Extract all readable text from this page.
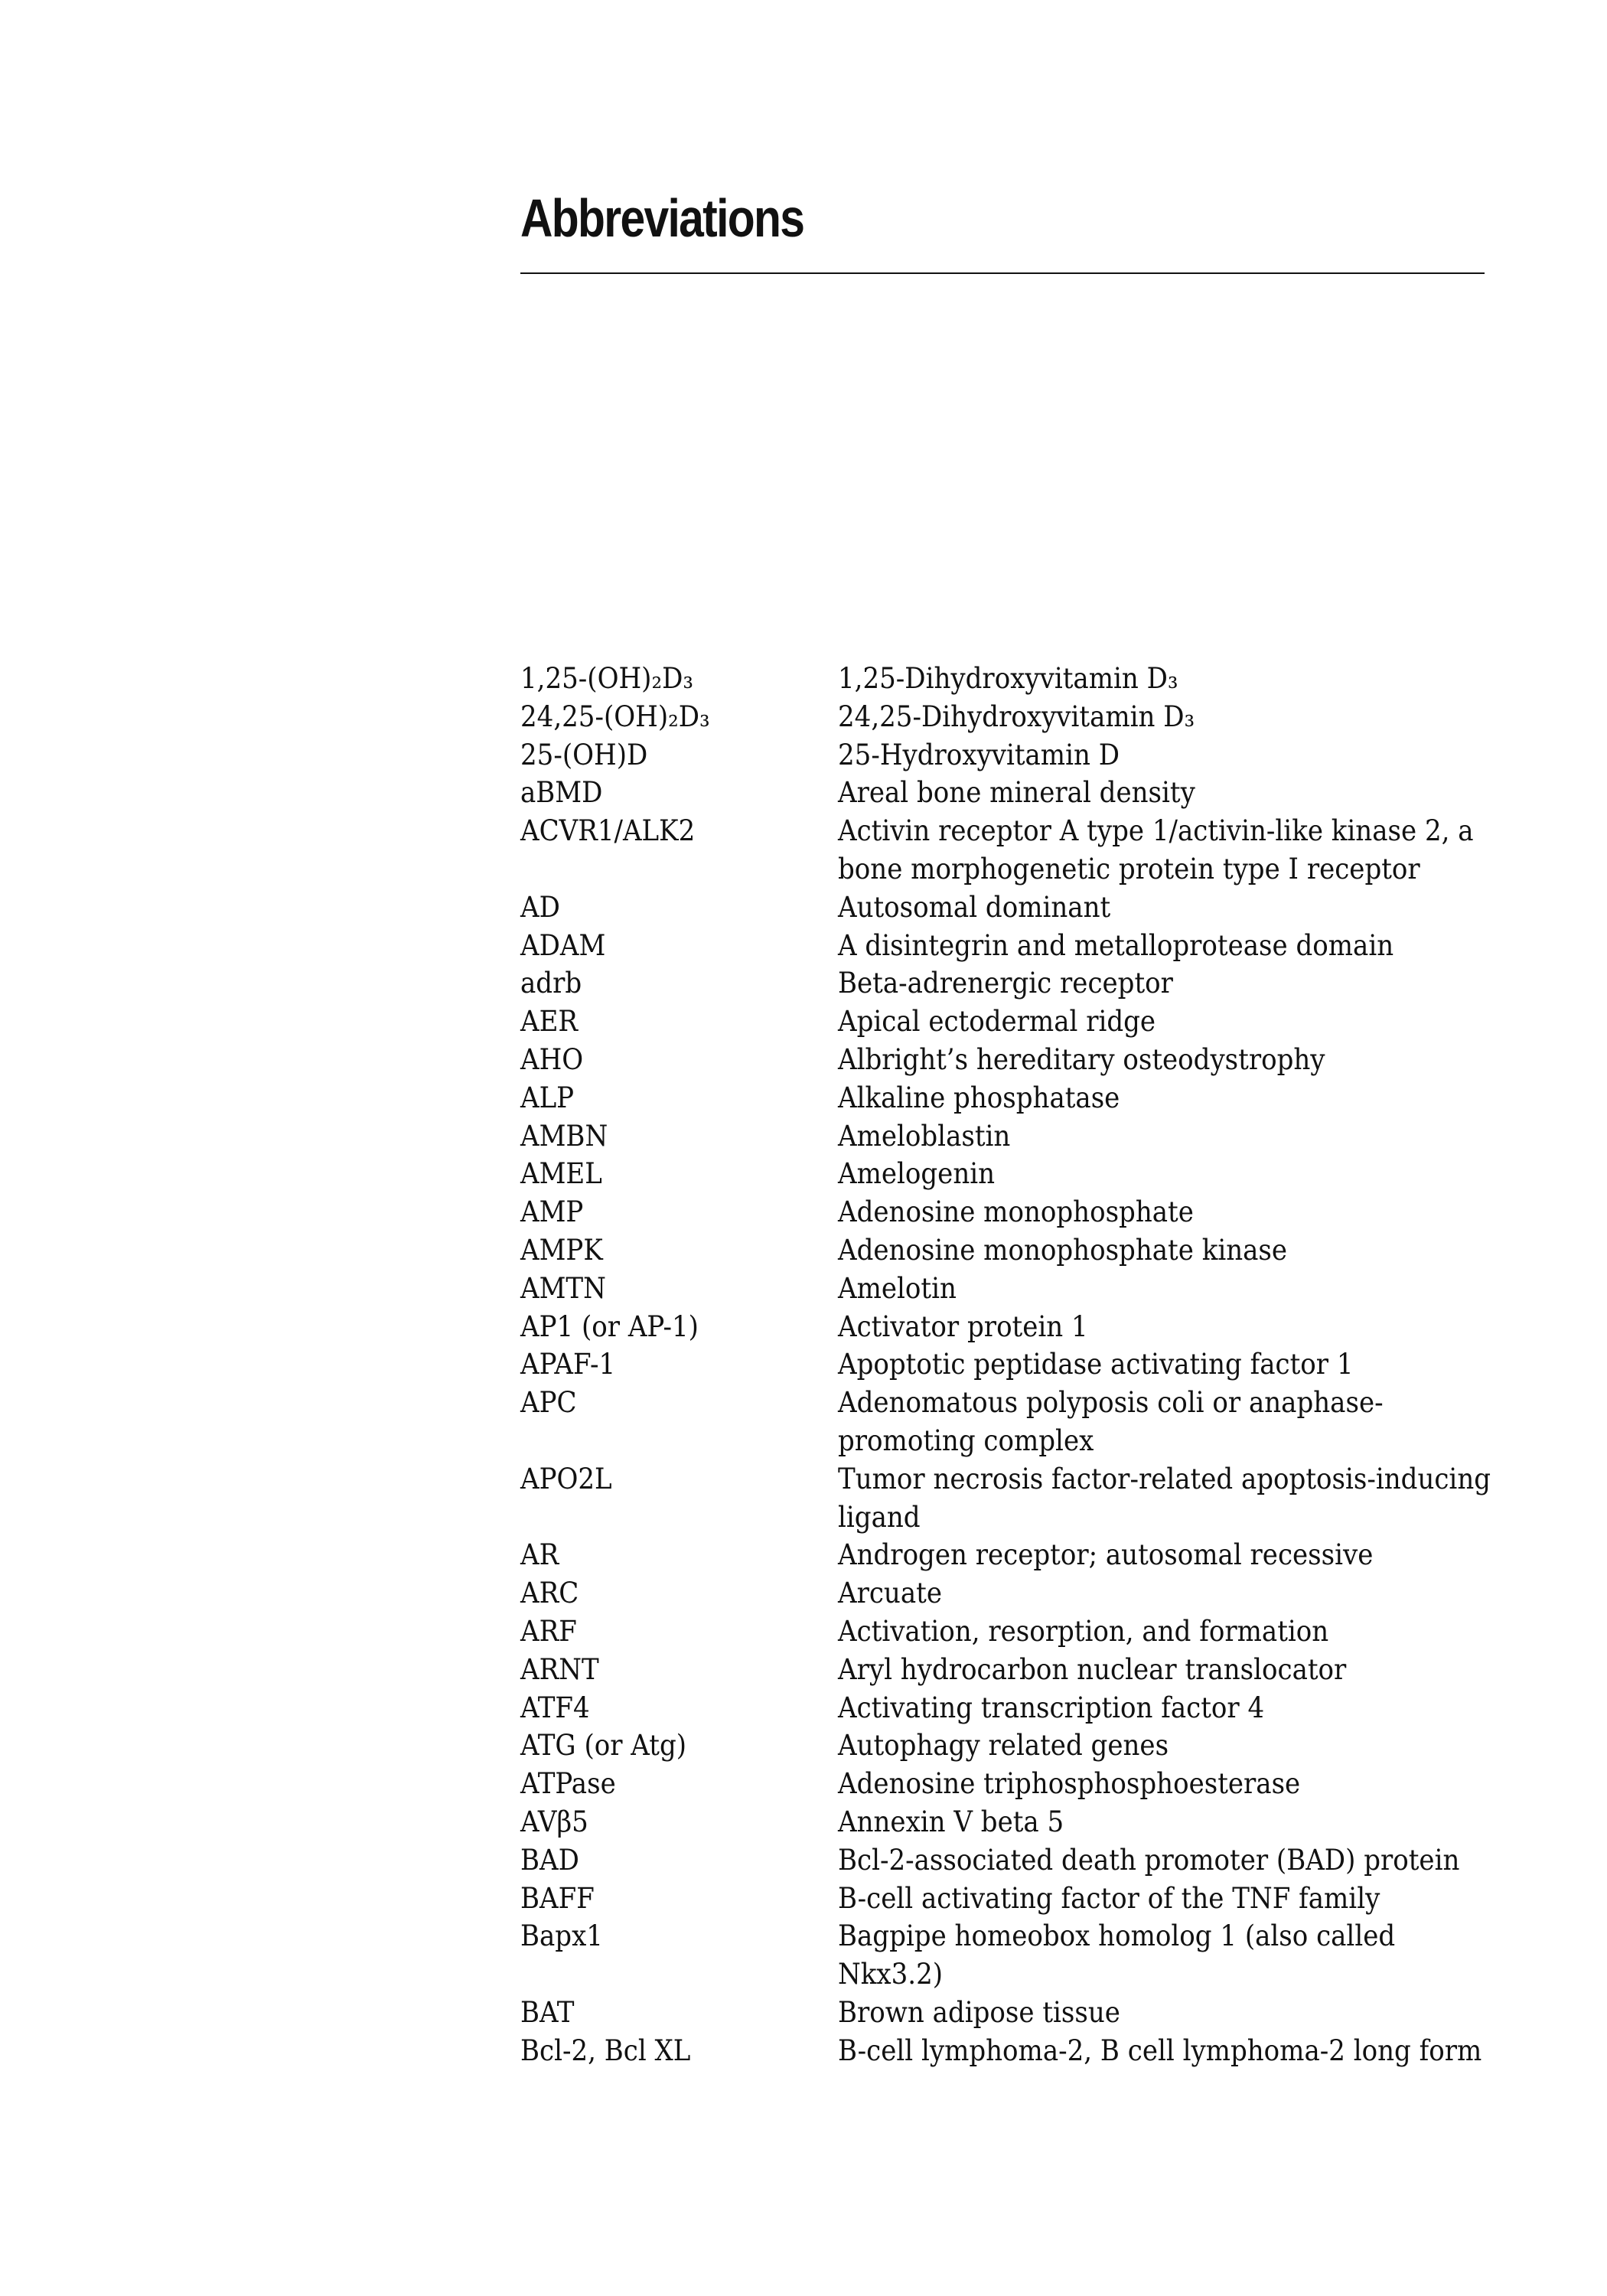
Abbreviations
1,25-(OH)₂D₃	1,25-Dihydroxyvitamin D₃
24,25-(OH)₂D₃	24,25-Dihydroxyvitamin D₃
25-(OH)D	25-Hydroxyvitamin D
aBMD	Areal bone mineral density
ACVR1/ALK2	Activin receptor A type 1/activin-like kinase 2, a
bone morphogenetic protein type I receptor
AD	Autosomal dominant
ADAM	A disintegrin and metalloprotease domain
adrb	Beta-adrenergic receptor
AER	Apical ectodermal ridge
AHO	Albright’s hereditary osteodystrophy
ALP	Alkaline phosphatase
AMBN	Ameloblastin
AMEL	Amelogenin
AMP	Adenosine monophosphate
AMPK	Adenosine monophosphate kinase
AMTN	Amelotin
AP1 (or AP-1)	Activator protein 1
APAF-1	Apoptotic peptidase activating factor 1
APC	Adenomatous polyposis coli or anaphase-
promoting complex
APO2L	Tumor necrosis factor-related apoptosis-inducing
ligand
AR	Androgen receptor; autosomal recessive
ARC	Arcuate
ARF	Activation, resorption, and formation
ARNT	Aryl hydrocarbon nuclear translocator
ATF4	Activating transcription factor 4
ATG (or Atg)	Autophagy related genes
ATPase	Adenosine triphosphosphoesterase
AVβ5	Annexin V beta 5
BAD	Bcl-2-associated death promoter (BAD) protein
BAFF	B-cell activating factor of the TNF family
Bapx1	Bagpipe homeobox homolog 1 (also called
Nkx3.2)
BAT	Brown adipose tissue
Bcl-2, Bcl XL	B-cell lymphoma-2, B cell lymphoma-2 long form
